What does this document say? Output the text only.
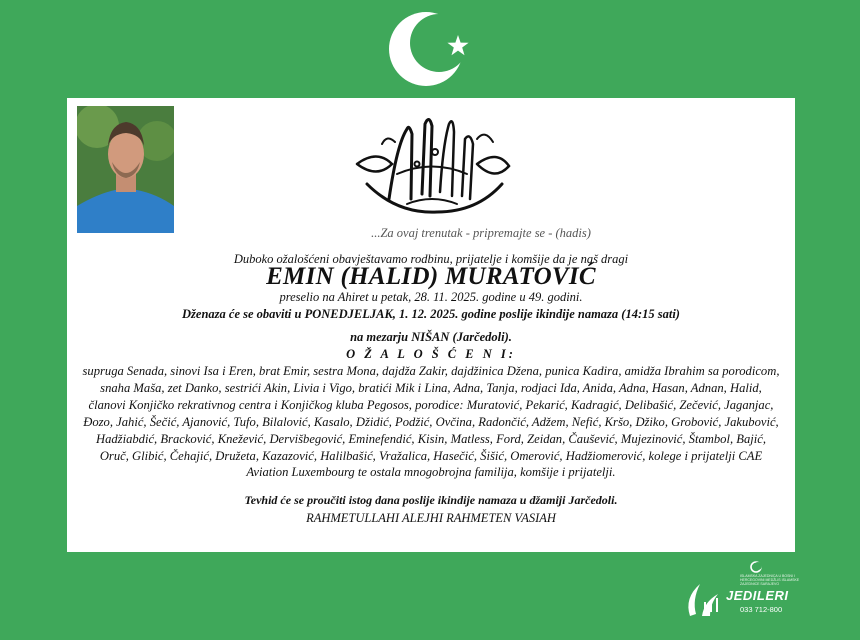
...Za ovaj trenutak - pripremajte se - (hadis)
Duboko ožalošćeni obavještavamo rodbinu, prijatelje i komšije da je naš dragi
EMIN (HALID) MURATOVIĆ
preselio na Ahiret u petak, 28. 11. 2025. godine u 49. godini.
Dženaza će se obaviti u PONEDJELJAK, 1. 12. 2025. godine poslije ikindije namaza (14:15 sati)
na mezarju NIŠAN (Jarčedoli).
O Ž A L O Š Ć E N I:
supruga Senada, sinovi Isa i Eren, brat Emir, sestra Mona, dajdža Zakir, dajdžinica Džena, punica Kadira, amidža Ibrahim sa porodicom, snaha Maša, zet Danko, sestrići Akin, Livia i Vigo, bratići Mik i Lina, Adna, Tanja, rodjaci Ida, Anida, Adna, Hasan, Adnan, Halid, članovi Konjičko rekrativnog centra i Konjičkog kluba Pegosos, porodice: Muratović, Pekarić, Kadragić, Delibašić, Zečević, Jaganjac, Đozo, Jahić, Šečić, Ajanović, Tufo, Bilalović, Kasalo, Džidić, Podžić, Ovčina, Radončić, Adžem, Nefić, Kršo, Džiko, Grobović, Jakubović, Hadžiabdić, Bracković, Knežević, Dervišbegović, Eminefendić, Kisin, Matless, Ford, Zeidan, Čaušević, Mujezinović, Štambol, Bajić, Oruč, Glibić, Čehajić, Družeta, Kazazović, Halilbašić, Vražalica, Hasečić, Šišić, Omerović, Hadžiomerović, kolege i prijatelji CAE Aviation Luxembourg te ostala mnogobrojna familija, komšije i prijatelji.
Tevhid će se proučiti istog dana poslije ikindije namaza u džamiji Jarčedoli.
RAHMETULLAHI ALEJHI RAHMETEN VASIAH
ISLAMSKA ZAJEDNICA U BOSNI I HERCEGOVINI MEDŽLIS ISLAMSKE ZAJEDNICE SARAJEVO
JEDILERI
033 712-800
